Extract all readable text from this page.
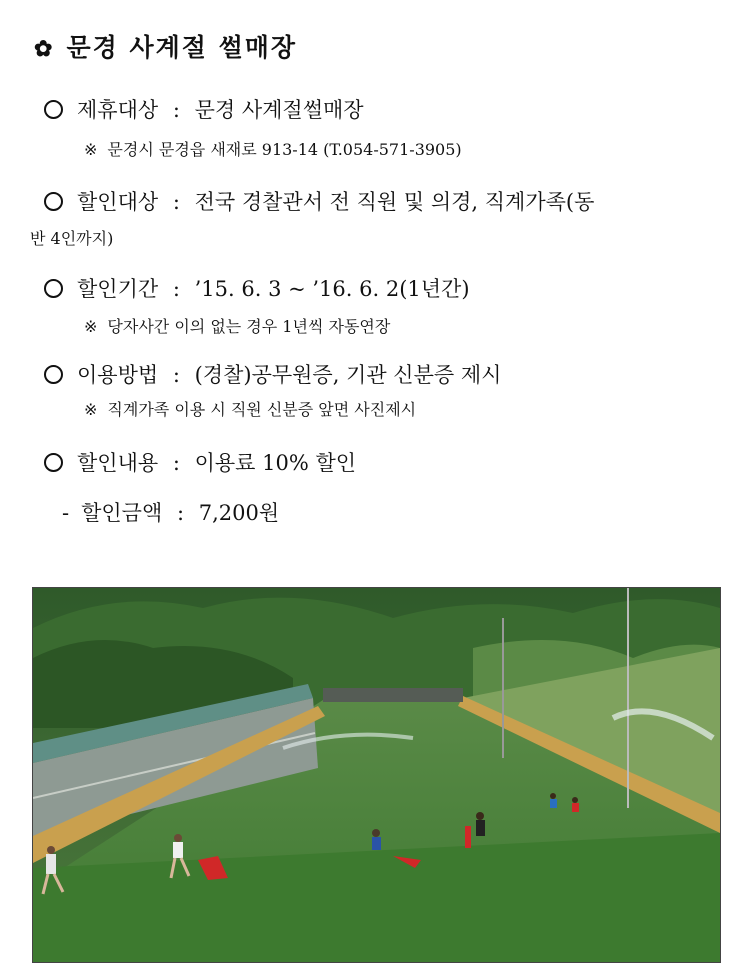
✿ 문경 사계절 썰매장
제휴대상 : 문경 사계절썰매장
※ 문경시 문경읍 새재로 913-14 (T.054-571-3905)
할인대상 : 전국 경찰관서 전 직원 및 의경, 직계가족(동
반 4인까지)
할인기간 : ’15. 6. 3 ~ ’16. 6. 2(1년간)
※ 당자사간 이의 없는 경우 1년씩 자동연장
이용방법 : (경찰)공무원증, 기관 신분증 제시
※ 직계가족 이용 시 직원 신분증 앞면 사진제시
할인내용 : 이용료 10% 할인
- 할인금액 : 7,200원
